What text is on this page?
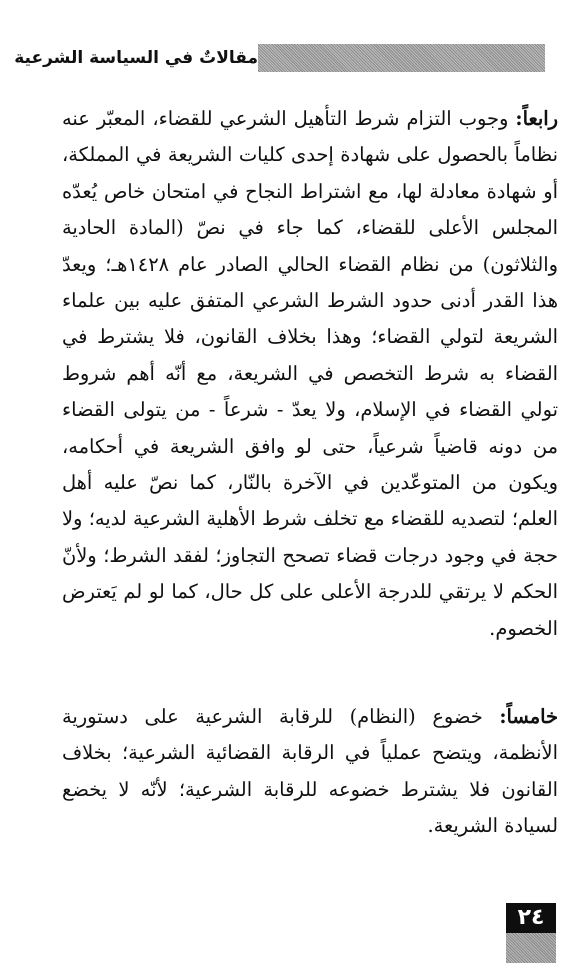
مقالاتٌ في السياسة الشرعية

رابعاً: وجوب التزام شرط التأهيل الشرعي للقضاء، المعبّر عنه نظاماً بالحصول على شهادة إحدى كليات الشريعة في المملكة، أو شهادة معادلة لها، مع اشتراط النجاح في امتحان خاص يُعدّه المجلس الأعلى للقضاء، كما جاء في نصّ (المادة الحادية والثلاثون) من نظام القضاء الحالي الصادر عام ١٤٢٨هـ؛ ويعدّ هذا القدر أدنى حدود الشرط الشرعي المتفق عليه بين علماء الشريعة لتولي القضاء؛ وهذا بخلاف القانون، فلا يشترط في القضاء به شرط التخصص في الشريعة، مع أنّه أهم شروط تولي القضاء في الإسلام، ولا يعدّ - شرعاً - من يتولى القضاء من دونه قاضياً شرعياً، حتى لو وافق الشريعة في أحكامه، ويكون من المتوعّدين في الآخرة بالنّار، كما نصّ عليه أهل العلم؛ لتصديه للقضاء مع تخلف شرط الأهلية الشرعية لديه؛ ولا حجة في وجود درجات قضاء تصحح التجاوز؛ لفقد الشرط؛ ولأنّ الحكم لا يرتقي للدرجة الأعلى على كل حال، كما لو لم يَعترض الخصوم.

خامساً: خضوع (النظام) للرقابة الشرعية على دستورية الأنظمة، ويتضح عملياً في الرقابة القضائية الشرعية؛ بخلاف القانون فلا يشترط خضوعه للرقابة الشرعية؛ لأنّه لا يخضع لسيادة الشريعة.

٢٤
